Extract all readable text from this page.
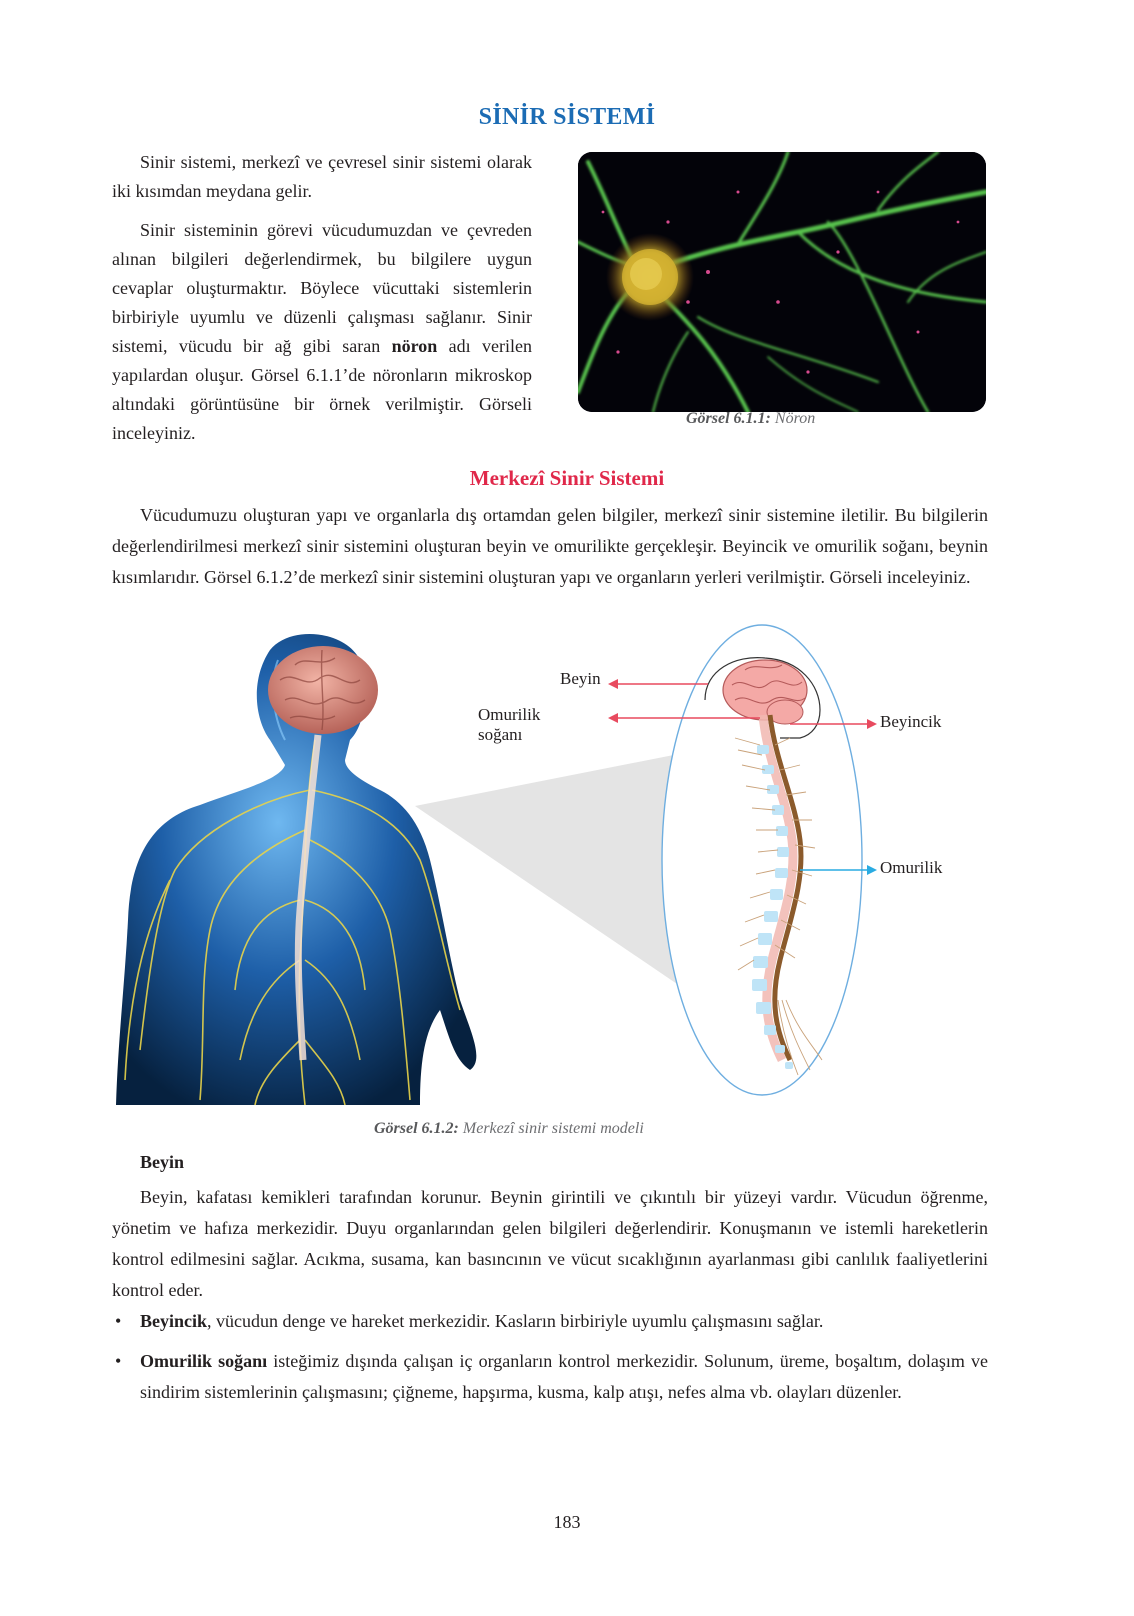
SİNİR SİSTEMİ

Sinir sistemi, merkezî ve çevresel sinir sistemi olarak iki kısımdan meydana gelir.

Sinir sisteminin görevi vücudumuzdan ve çevreden alınan bilgileri değerlendirmek, bu bilgilere uygun cevaplar oluşturmaktır. Böylece vücuttaki sistemlerin birbiriyle uyumlu ve düzenli çalışması sağlanır. Sinir sistemi, vücudu bir ağ gibi saran nöron adı verilen yapılardan oluşur. Görsel 6.1.1’de nöronların mikroskop altındaki görüntüsüne bir örnek verilmiştir. Görseli inceleyiniz.

Görsel 6.1.1: Nöron
Merkezî Sinir Sistemi

Vücudumuzu oluşturan yapı ve organlarla dış ortamdan gelen bilgiler, merkezî sinir sistemine iletilir. Bu bilgilerin değerlendirilmesi merkezî sinir sistemini oluşturan beyin ve omurilikte gerçekleşir. Beyincik ve omurilik soğanı, beynin kısımlarıdır. Görsel 6.1.2’de merkezî sinir sistemini oluşturan yapı ve organların yerleri verilmiştir. Görseli inceleyiniz.

Beyin
Omurilik soğanı
Beyincik
Omurilik
Görsel 6.1.2: Merkezî sinir sistemi modeli
Beyin

Beyin, kafatası kemikleri tarafından korunur. Beynin girintili ve çıkıntılı bir yüzeyi vardır. Vücudun öğrenme, yönetim ve hafıza merkezidir. Duyu organlarından gelen bilgileri değerlendirir. Konuşmanın ve istemli hareketlerin kontrol edilmesini sağlar. Acıkma, susama, kan basıncının ve vücut sıcaklığının ayarlanması gibi canlılık faaliyetlerini kontrol eder.

• Beyincik, vücudun denge ve hareket merkezidir. Kasların birbiriyle uyumlu çalışmasını sağlar.
• Omurilik soğanı isteğimiz dışında çalışan iç organların kontrol merkezidir. Solunum, üreme, boşaltım, dolaşım ve sindirim sistemlerinin çalışmasını; çiğneme, hapşırma, kusma, kalp atışı, nefes alma vb. olayları düzenler.
183
